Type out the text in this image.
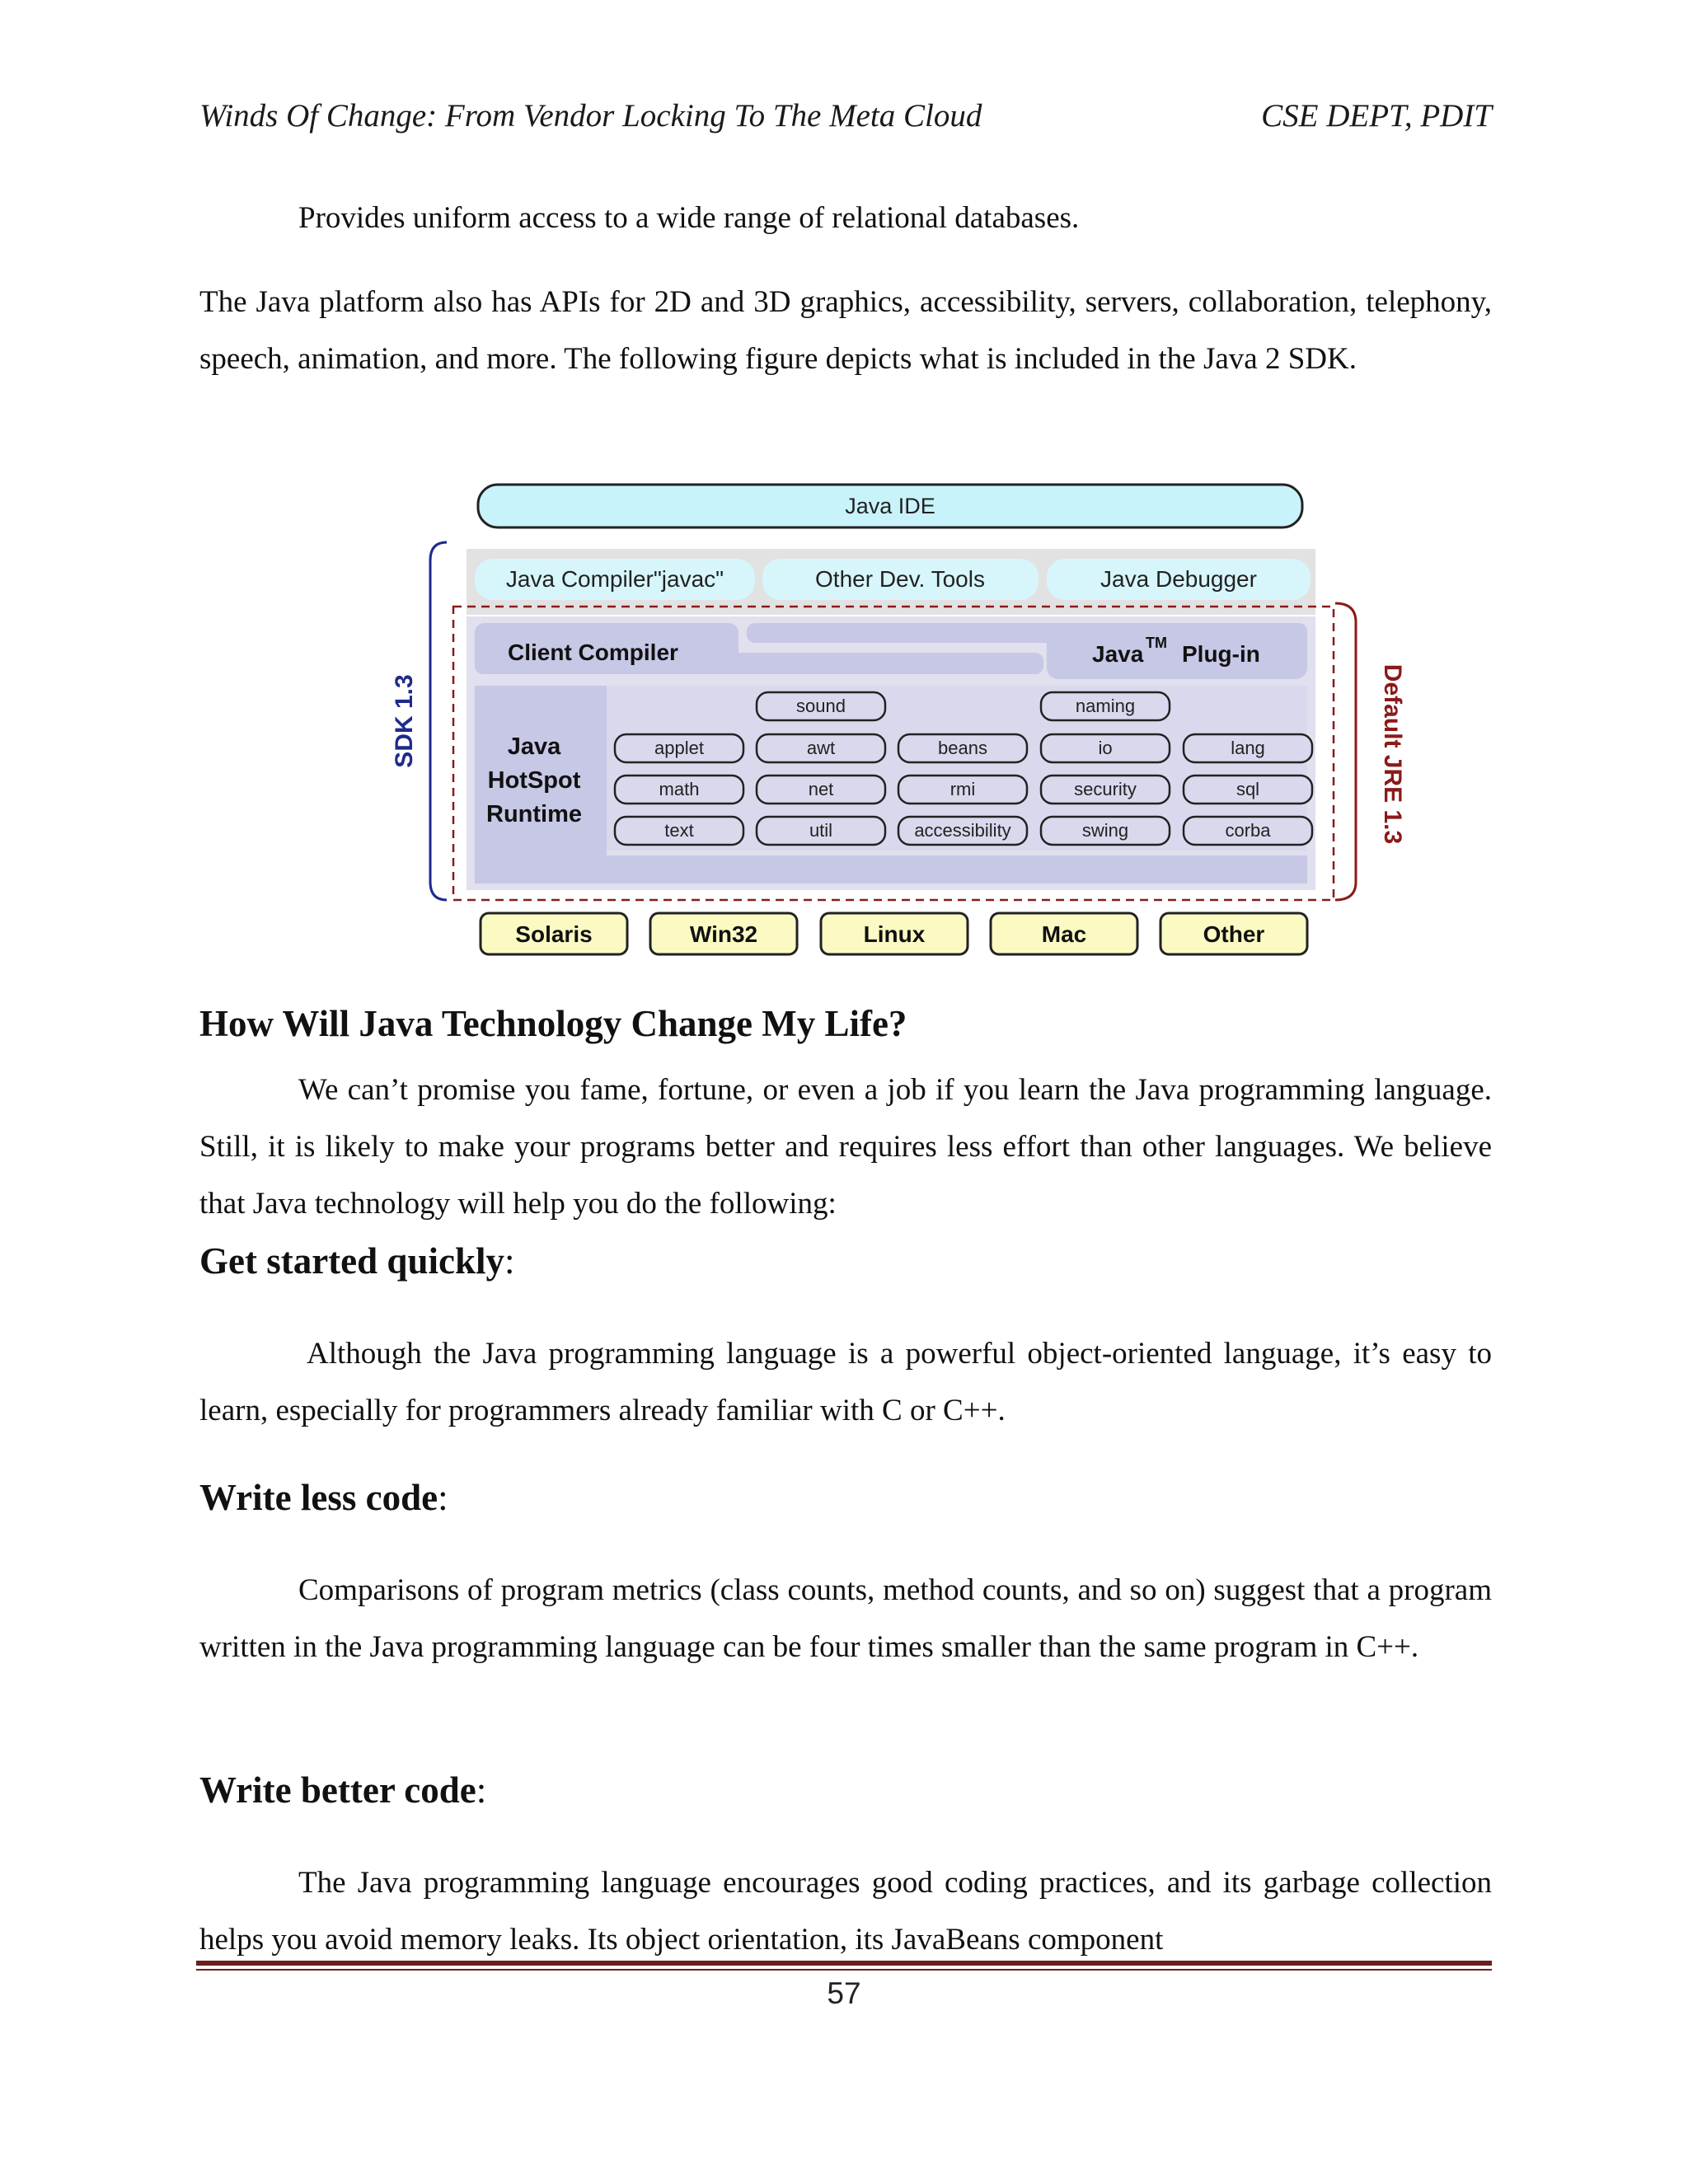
Winds Of Change: From Vendor Locking To The Meta Cloud	CSE DEPT, PDIT
Provides uniform access to a wide range of relational databases.
The Java platform also has APIs for 2D and 3D graphics, accessibility, servers, collaboration, telephony, speech, animation, and more. The following figure depicts what is included in the Java 2 SDK.
Java IDE
Java Compiler"javac"	Other Dev. Tools	Java Debugger
SDK 1.3	Default JRE 1.3
Client Compiler	Java TM Plug-in
Java
HotSpot
Runtime
sound	naming
applet	awt	beans	io	lang
math	net	rmi	security	sql
text	util	accessibility	swing	corba
Solaris	Win32	Linux	Mac	Other
How Will Java Technology Change My Life?
We can’t promise you fame, fortune, or even a job if you learn the Java programming language. Still, it is likely to make your programs better and requires less effort than other languages. We believe that Java technology will help you do the following:
Get started quickly:
Although the Java programming language is a powerful object-oriented language, it’s easy to learn, especially for programmers already familiar with C or C++.
Write less code:
Comparisons of program metrics (class counts, method counts, and so on) suggest that a program written in the Java programming language can be four times smaller than the same program in C++.
Write better code:
The Java programming language encourages good coding practices, and its garbage collection helps you avoid memory leaks. Its object orientation, its JavaBeans component
57
